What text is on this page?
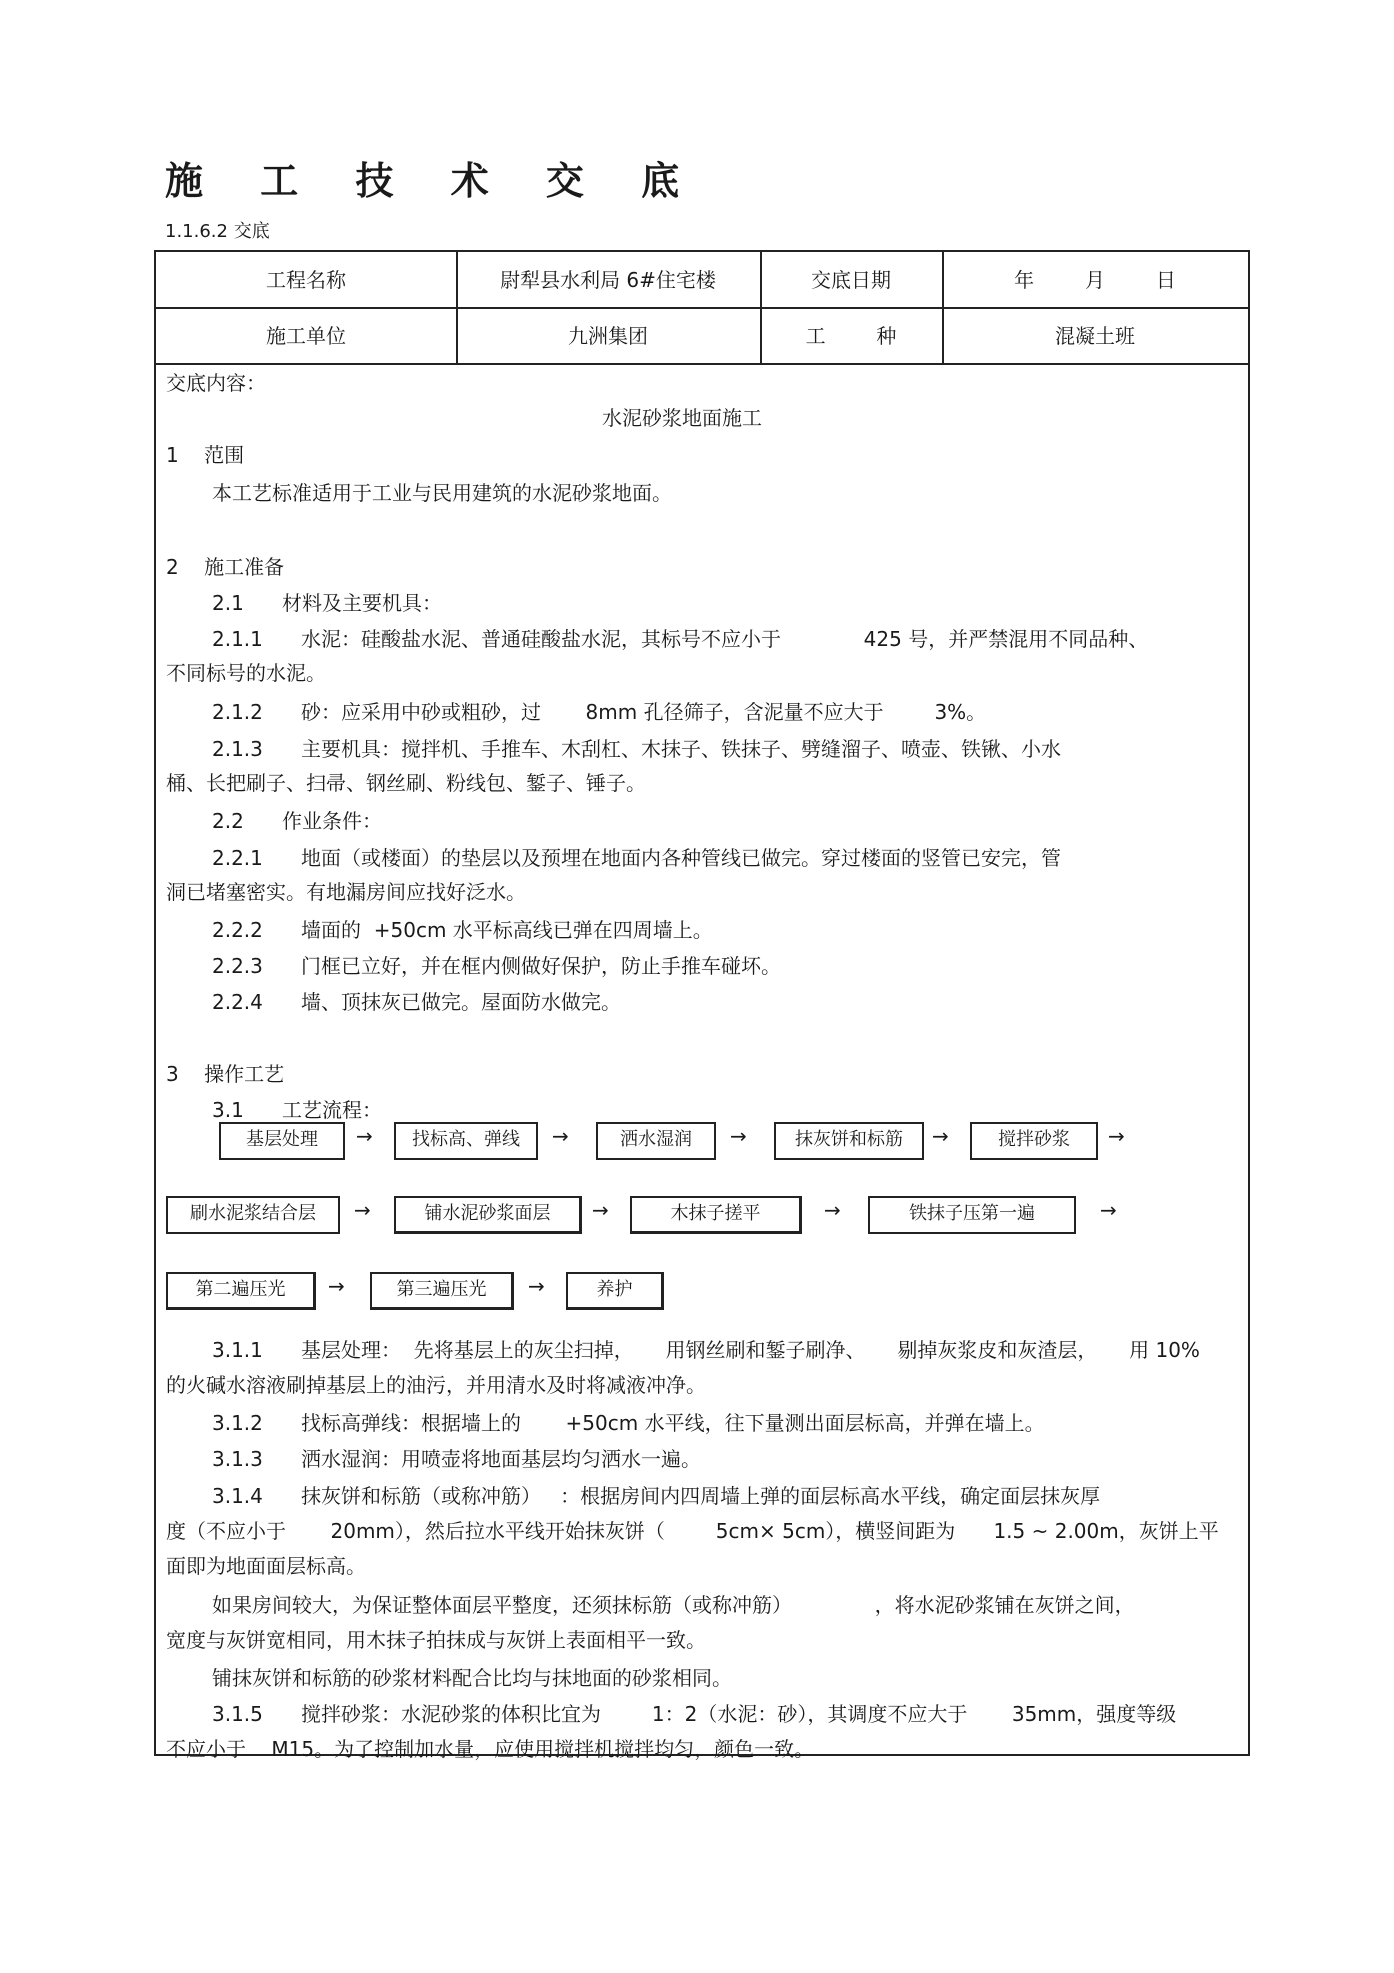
施 工 技 术 交 底
1.1.6.2 交底
工程名称	尉犁县水利局 6#住宅楼	交底日期	年        月        日
施工单位	九洲集团	工        种	混凝土班
交底内容：
水泥砂浆地面施工
1    范围
本工艺标准适用于工业与民用建筑的水泥砂浆地面。
2    施工准备
2.1      材料及主要机具：
2.1.1      水泥：硅酸盐水泥、普通硅酸盐水泥，其标号不应小于             425 号，并严禁混用不同品种、
不同标号的水泥。
2.1.2      砂：应采用中砂或粗砂，过       8mm 孔径筛子，含泥量不应大于        3%。
2.1.3      主要机具：搅拌机、手推车、木刮杠、木抹子、铁抹子、劈缝溜子、喷壶、铁锹、小水
桶、长把刷子、扫帚、钢丝刷、粉线包、錾子、锤子。
2.2      作业条件：
2.2.1      地面（或楼面）的垫层以及预埋在地面内各种管线已做完。穿过楼面的竖管已安完，管
洞已堵塞密实。有地漏房间应找好泛水。
2.2.2      墙面的  +50cm 水平标高线已弹在四周墙上。
2.2.3      门框已立好，并在框内侧做好保护，防止手推车碰坏。
2.2.4      墙、顶抹灰已做完。屋面防水做完。
3    操作工艺
3.1      工艺流程：
基层处理	→	找标高、弹线	→	洒水湿润	→	抹灰饼和标筋	→	搅拌砂浆	→
刷水泥浆结合层	→	铺水泥砂浆面层	→	木抹子搓平	→	铁抹子压第一遍	→
第二遍压光	→	第三遍压光	→	养护
3.1.1      基层处理：  先将基层上的灰尘扫掉，     用钢丝刷和錾子刷净、     剔掉灰浆皮和灰渣层，     用 10%
的火碱水溶液刷掉基层上的油污，并用清水及时将减液冲净。
3.1.2      找标高弹线：根据墙上的       +50cm 水平线，往下量测出面层标高，并弹在墙上。
3.1.3      洒水湿润：用喷壶将地面基层均匀洒水一遍。
3.1.4      抹灰饼和标筋（或称冲筋）   ：根据房间内四周墙上弹的面层标高水平线，确定面层抹灰厚
度（不应小于       20mm），然后拉水平线开始抹灰饼（        5cm× 5cm），横竖间距为      1.5 ~ 2.00m，灰饼上平
面即为地面面层标高。
如果房间较大，为保证整体面层平整度，还须抹标筋（或称冲筋）             ，将水泥砂浆铺在灰饼之间，
宽度与灰饼宽相同，用木抹子拍抹成与灰饼上表面相平一致。
铺抹灰饼和标筋的砂浆材料配合比均与抹地面的砂浆相同。
3.1.5      搅拌砂浆：水泥砂浆的体积比宜为        1：2（水泥：砂），其调度不应大于       35mm，强度等级
不应小于    M15。为了控制加水量，应使用搅拌机搅拌均匀，颜色一致。
